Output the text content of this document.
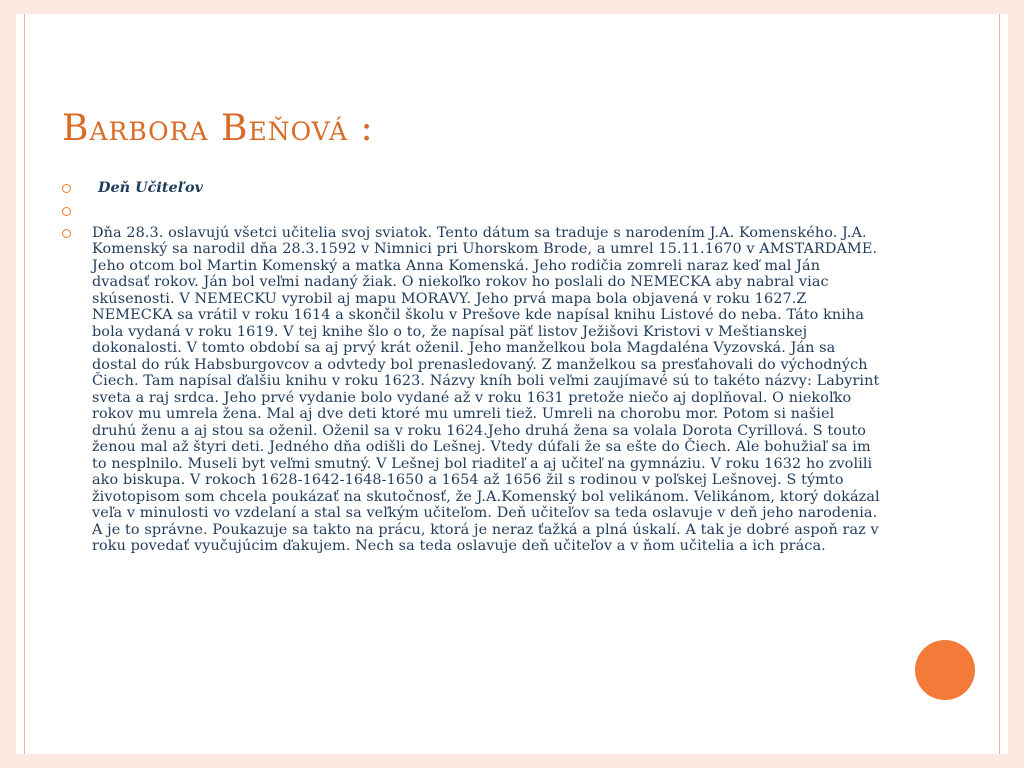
Barbora Beňová :
Deň Učiteľov
Dňa 28.3. oslavujú všetci učitelia svoj sviatok. Tento dátum sa traduje s narodením J.A. Komenského. J.A. Komenský sa narodil dňa 28.3.1592 v Nimnici pri Uhorskom Brode, a umrel 15.11.1670 v AMSTARDAME. Jeho otcom bol Martin Komenský a matka Anna Komenská. Jeho rodičia zomreli naraz keď mal Ján dvadsať rokov. Ján bol veľmi nadaný žiak. O niekoľko rokov ho poslali do NEMECKA aby nabral viac skúsenosti. V NEMECKU vyrobil aj mapu MORAVY. Jeho prvá mapa bola objavená v roku 1627.Z NEMECKA sa vrátil v roku 1614 a skončil školu v Prešove kde napísal knihu Listové do neba. Táto kniha bola vydaná v roku 1619. V tej knihe šlo o to, že napísal päť listov Ježišovi Kristovi v Meštianskej dokonalosti. V tomto období sa aj prvý krát oženil. Jeho manželkou bola Magdaléna Vyzovská. Ján sa dostal do rúk Habsburgovcov a odvtedy bol prenasledovaný. Z manželkou sa presťahovali do východných Čiech. Tam napísal ďalšiu knihu v roku 1623. Názvy kníh boli veľmi zaujímavé sú to takéto názvy: Labyrint sveta a raj srdca. Jeho prvé vydanie bolo vydané až v roku 1631 pretože niečo aj doplňoval. O niekoľko rokov mu umrela žena. Mal aj dve deti ktoré mu umreli tiež. Umreli na chorobu mor. Potom si našiel druhú ženu a aj stou sa oženil. Oženil sa v roku 1624.Jeho druhá žena sa volala Dorota Cyrillová. S touto ženou mal až štyri deti. Jedného dňa odišli do Lešnej. Vtedy dúfali že sa ešte do Čiech. Ale bohužiaľ sa im to nesplnilo. Museli byt veľmi smutný. V Lešnej bol riaditeľ a aj učiteľ na gymnáziu. V roku 1632 ho zvolili ako biskupa. V rokoch 1628-1642-1648-1650 a 1654 až 1656 žil s rodinou v poľskej Lešnovej. S týmto životopisom som chcela poukázať na skutočnosť, že J.A.Komenský bol velikánom. Velikánom, ktorý dokázal veľa v minulosti vo vzdelaní a stal sa veľkým učiteľom. Deň učiteľov sa teda oslavuje v deň jeho narodenia. A je to správne. Poukazuje sa takto na prácu, ktorá je neraz ťažká a plná úskalí. A tak je dobré aspoň raz v roku povedať vyučujúcim ďakujem. Nech sa teda oslavuje deň učiteľov a v ňom učitelia a ich práca.
